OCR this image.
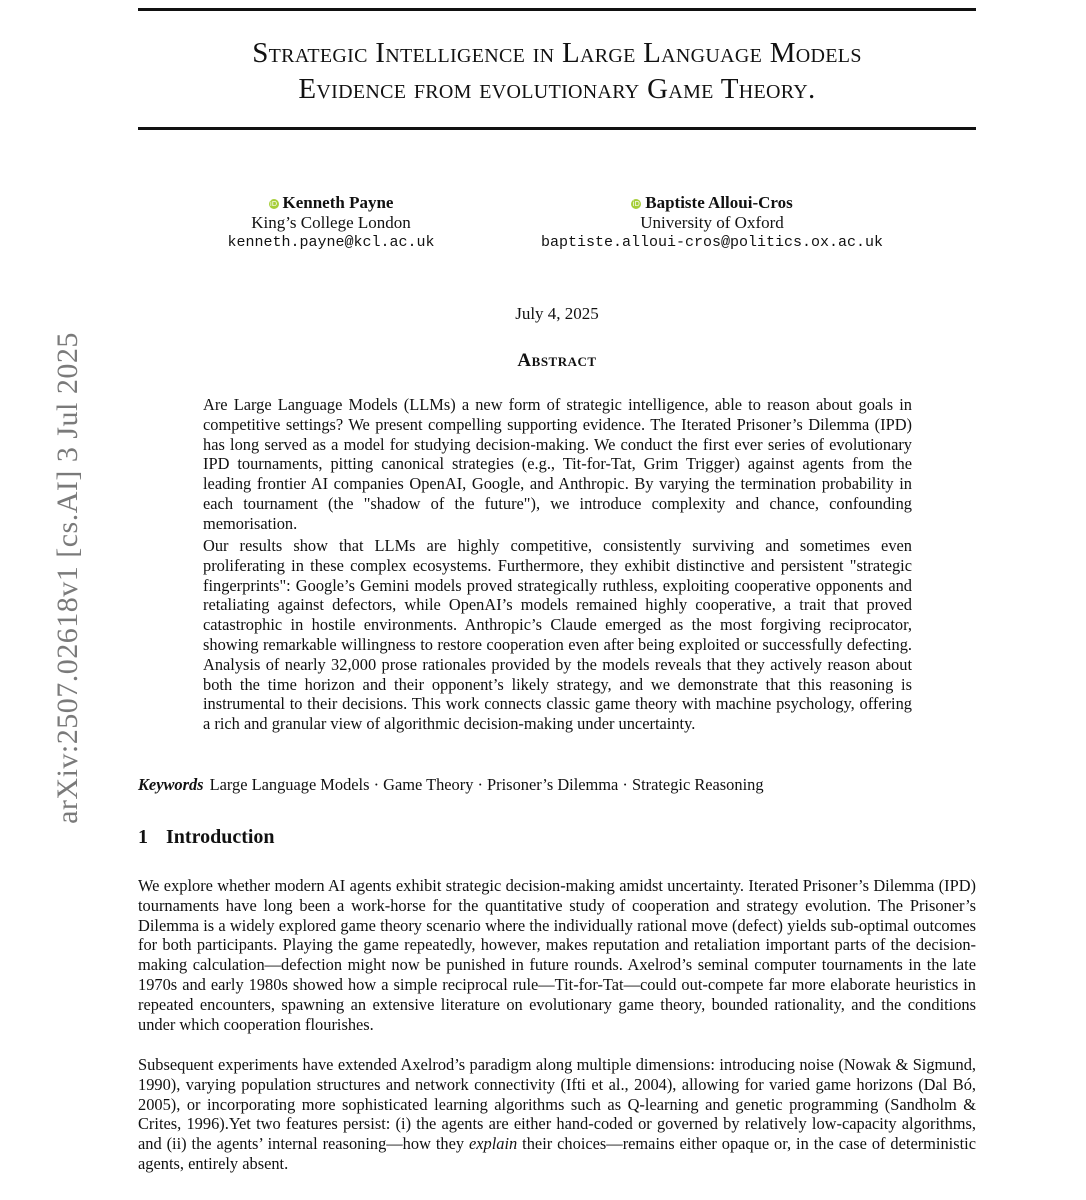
Strategic Intelligence in Large Language Models
Evidence from evolutionary Game Theory.
iD Kenneth Payne
King’s College London
kenneth.payne@kcl.ac.uk
iD Baptiste Alloui-Cros
University of Oxford
baptiste.alloui-cros@politics.ox.ac.uk
July 4, 2025
Abstract

Are Large Language Models (LLMs) a new form of strategic intelligence, able to reason about goals in competitive settings? We present compelling supporting evidence. The Iterated Prisoner’s Dilemma (IPD) has long served as a model for studying decision-making. We conduct the first ever series of evolutionary IPD tournaments, pitting canonical strategies (e.g., Tit-for-Tat, Grim Trigger) against agents from the leading frontier AI companies OpenAI, Google, and Anthropic. By varying the termination probability in each tournament (the "shadow of the future"), we introduce complexity and chance, confounding memorisation.

Our results show that LLMs are highly competitive, consistently surviving and sometimes even proliferating in these complex ecosystems. Furthermore, they exhibit distinctive and persistent "strategic fingerprints": Google’s Gemini models proved strategically ruthless, exploiting cooperative opponents and retaliating against defectors, while OpenAI’s models remained highly cooperative, a trait that proved catastrophic in hostile environments. Anthropic’s Claude emerged as the most forgiving reciprocator, showing remarkable willingness to restore cooperation even after being exploited or successfully defecting. Analysis of nearly 32,000 prose rationales provided by the models reveals that they actively reason about both the time horizon and their opponent’s likely strategy, and we demonstrate that this reasoning is instrumental to their decisions. This work connects classic game theory with machine psychology, offering a rich and granular view of algorithmic decision-making under uncertainty.

Keywords Large Language Models · Game Theory · Prisoner’s Dilemma · Strategic Reasoning
1 Introduction

We explore whether modern AI agents exhibit strategic decision-making amidst uncertainty. Iterated Prisoner’s Dilemma (IPD) tournaments have long been a work-horse for the quantitative study of cooperation and strategy evolution. The Prisoner’s Dilemma is a widely explored game theory scenario where the individually rational move (defect) yields sub-optimal outcomes for both participants. Playing the game repeatedly, however, makes reputation and retaliation important parts of the decision-making calculation—defection might now be punished in future rounds. Axelrod’s seminal computer tournaments in the late 1970s and early 1980s showed how a simple reciprocal rule—Tit-for-Tat—could out-compete far more elaborate heuristics in repeated encounters, spawning an extensive literature on evolutionary game theory, bounded rationality, and the conditions under which cooperation flourishes.

Subsequent experiments have extended Axelrod’s paradigm along multiple dimensions: introducing noise (Nowak & Sigmund, 1990), varying population structures and network connectivity (Ifti et al., 2004), allowing for varied game horizons (Dal Bó, 2005), or incorporating more sophisticated learning algorithms such as Q-learning and genetic programming (Sandholm & Crites, 1996).Yet two features persist: (i) the agents are either hand-coded or governed by relatively low-capacity algorithms, and (ii) the agents’ internal reasoning—how they explain their choices—remains either opaque or, in the case of deterministic agents, entirely absent.

arXiv:2507.02618v1 [cs.AI] 3 Jul 2025
